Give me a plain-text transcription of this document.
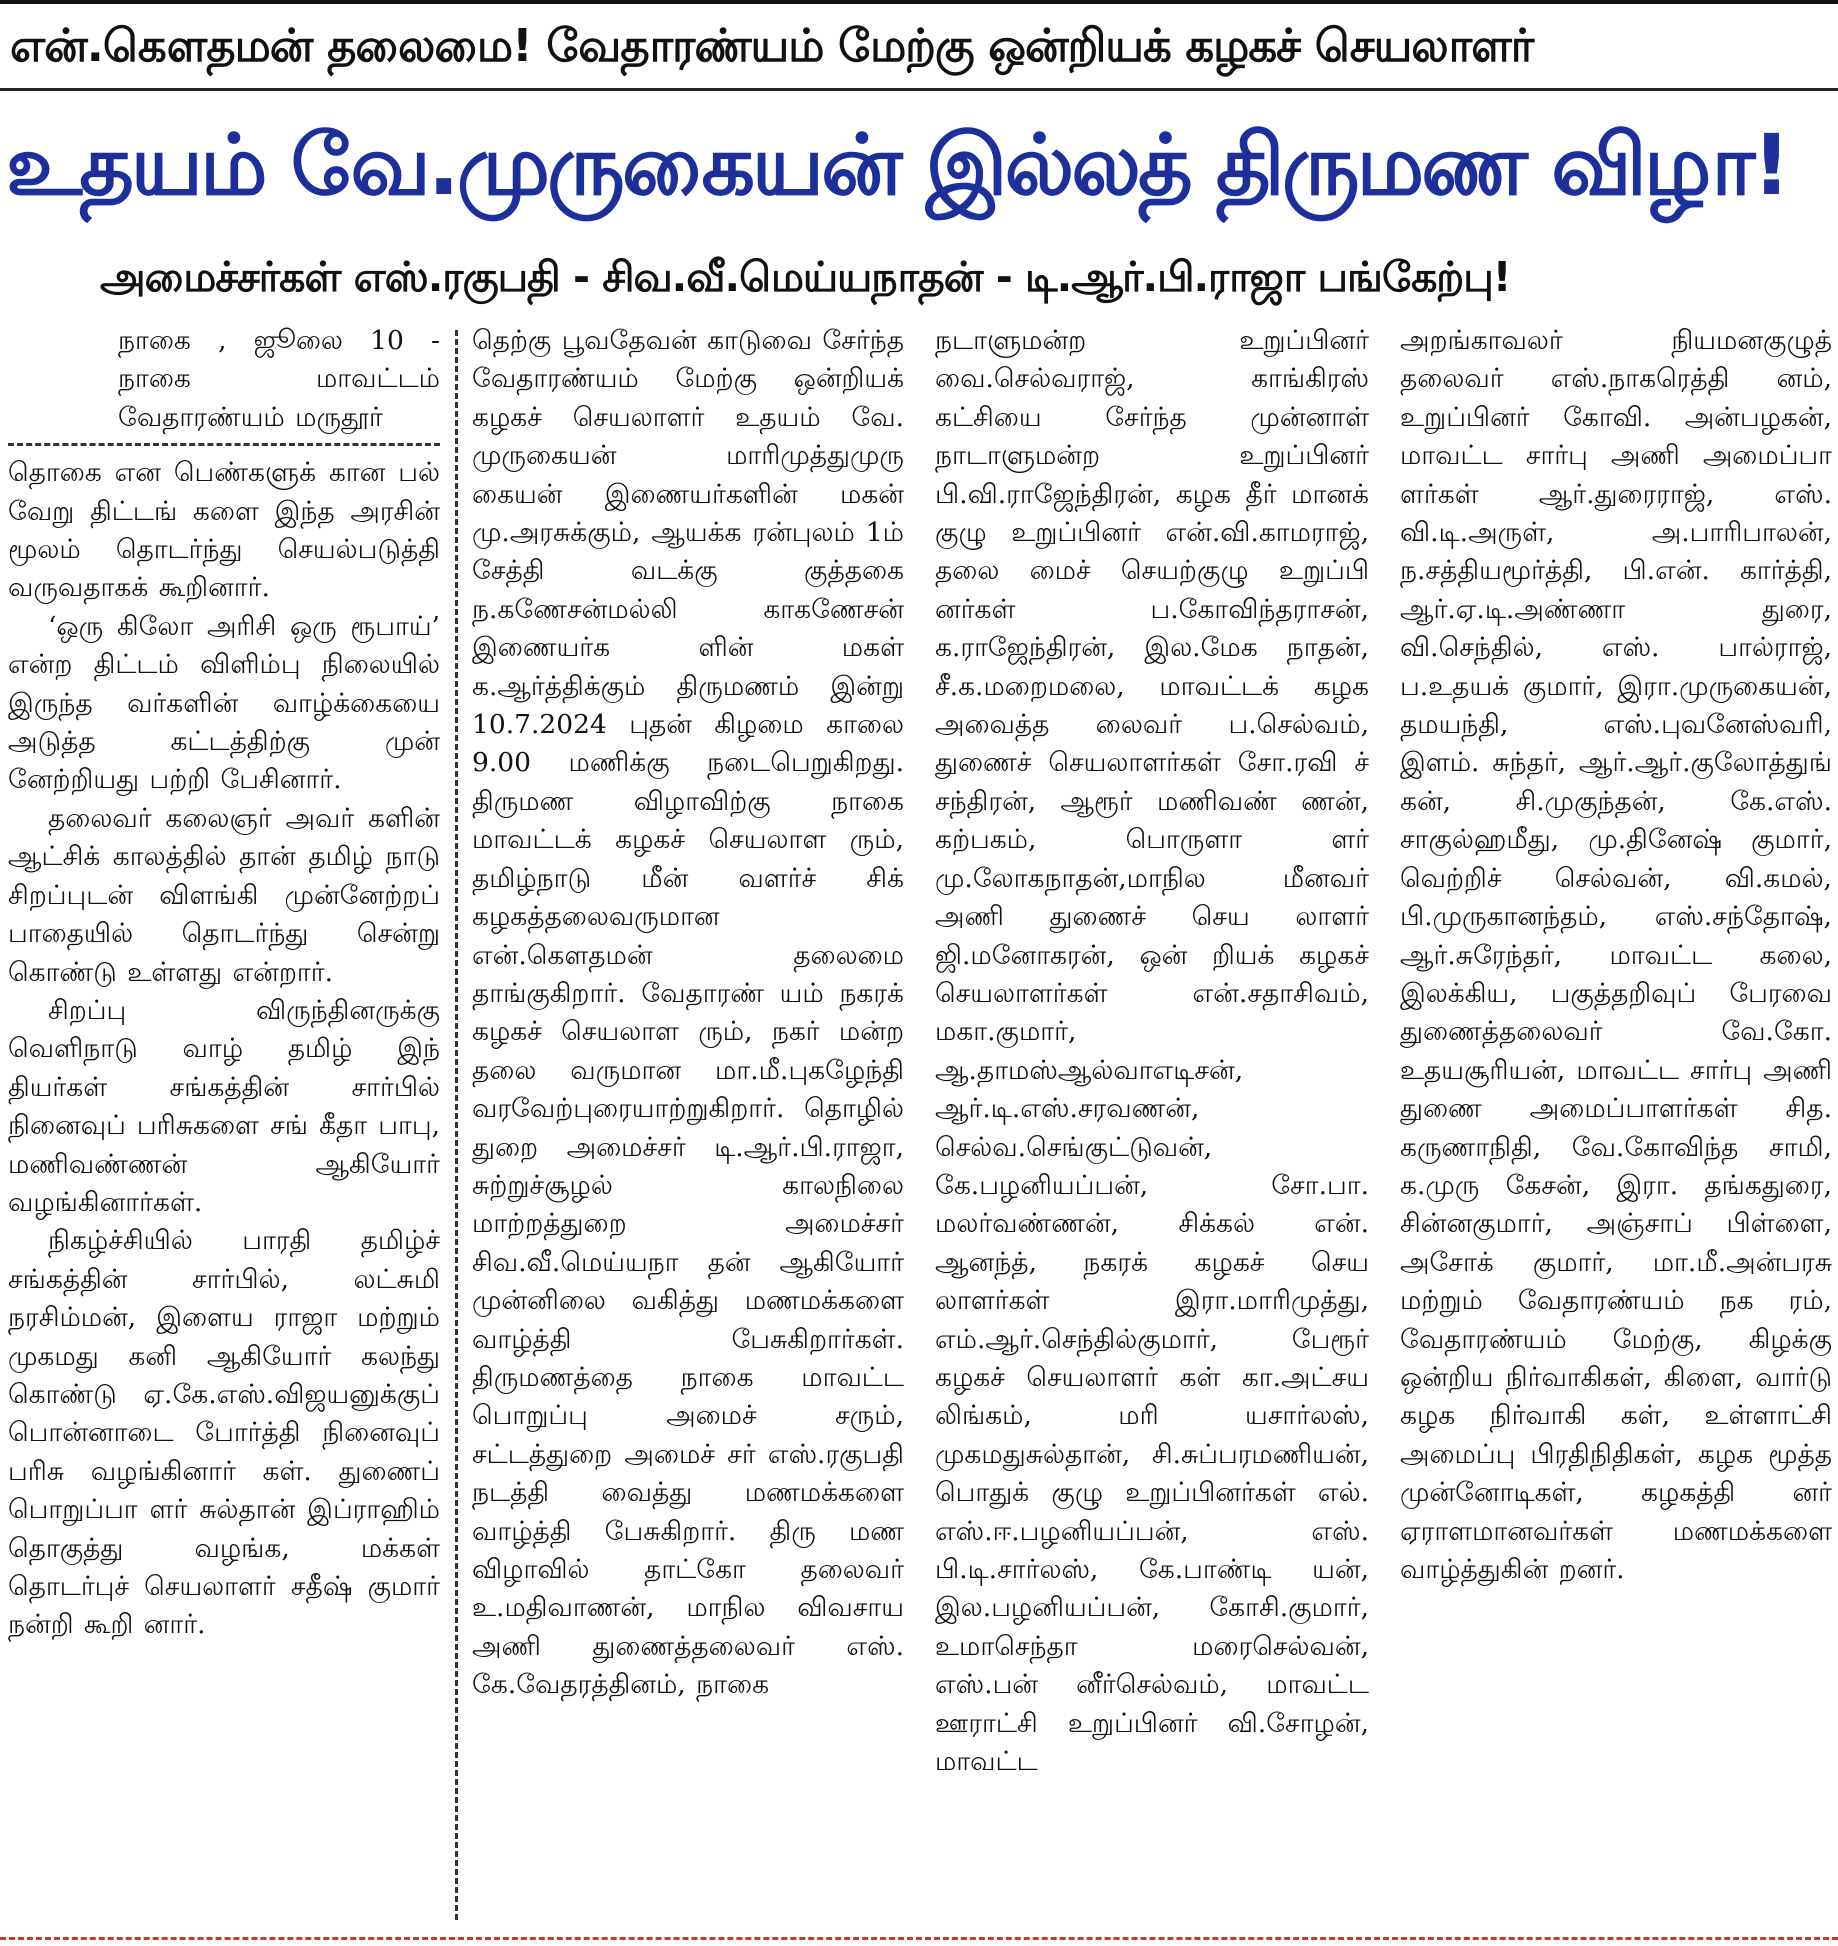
என்.கௌதமன் தலைமை! வேதாரண்யம் மேற்கு ஒன்றியக் கழகச் செயலாளர்
உதயம் வே.முருகையன் இல்லத் திருமண விழா!
அமைச்சர்கள் எஸ்.ரகுபதி - சிவ.வீ.மெய்யநாதன் - டி.ஆர்.பி.ராஜா பங்கேற்பு!

நாகை , ஜூலை 10 - நாகை மாவட்டம் வேதாரண்யம் மருதூர்

தொகை என பெண்களுக் கான பல் வேறு திட்டங் களை இந்த அரசின் மூலம் தொடர்ந்து செயல்படுத்தி வருவதாகக் கூறினார்.

‘ஒரு கிலோ அரிசி ஒரு ரூபாய்’ என்ற திட்டம் விளிம்பு நிலையில் இருந்த வர்களின் வாழ்க்கையை அடுத்த கட்டத்திற்கு முன் னேற்றியது பற்றி பேசினார்.

தலைவர் கலைஞர் அவர் களின் ஆட்சிக் காலத்தில் தான் தமிழ் நாடு சிறப்புடன் விளங்கி முன்னேற்றப் பாதையில் தொடர்ந்து சென்று கொண்டு உள்ளது என்றார்.

சிறப்பு விருந்தினருக்கு வெளிநாடு வாழ் தமிழ் இந் தியர்கள் சங்கத்தின் சார்பில் நினைவுப் பரிசுகளை சங் கீதா பாபு, மணிவண்ணன் ஆகியோர் வழங்கினார்கள்.

நிகழ்ச்சியில் பாரதி தமிழ்ச் சங்கத்தின் சார்பில், லட்சுமி நரசிம்மன், இளைய ராஜா மற்றும் முகமது கனி ஆகியோர் கலந்து கொண்டு ஏ.கே.எஸ்.விஜயனுக்குப் பொன்னாடை போர்த்தி நினைவுப் பரிசு வழங்கினார் கள். துணைப் பொறுப்பா ளர் சுல்தான் இப்ராஹிம் தொகுத்து வழங்க, மக்கள் தொடர்புச் செயலாளர் சதீஷ் குமார் நன்றி கூறி னார்.

தெற்கு பூவதேவன் காடுவை சேர்ந்த வேதாரண்யம் மேற்கு ஒன்றியக் கழகச் செயலாளர் உதயம் வே. முருகையன் மாரிமுத்துமுரு கையன் இணையர்களின் மகன் மு.அரசுக்கும், ஆயக்க ரன்புலம் 1ம் சேத்தி வடக்கு குத்தகை ந.கணேசன்மல்லி காகணேசன் இணையர்க ளின் மகள் க.ஆர்த்திக்கும் திருமணம் இன்று 10.7.2024 புதன் கிழமை காலை 9.00 மணிக்கு நடைபெறுகிறது. திருமண விழாவிற்கு நாகை மாவட்டக் கழகச் செயலாள ரும், தமிழ்நாடு மீன் வளர்ச் சிக் கழகத்தலைவருமான என்.கௌதமன் தலைமை தாங்குகிறார். வேதாரண் யம் நகரக் கழகச் செயலாள ரும், நகர் மன்ற தலை வருமான மா.மீ.புகழேந்தி வரவேற்புரையாற்றுகிறார். தொழில் துறை அமைச்சர் டி.ஆர்.பி.ராஜா, சுற்றுச்சூழல் காலநிலை மாற்றத்துறை அமைச்சர் சிவ.வீ.மெய்யநா தன் ஆகியோர் முன்னிலை வகித்து மணமக்களை வாழ்த்தி பேசுகிறார்கள். திருமணத்தை நாகை மாவட்ட பொறுப்பு அமைச் சரும், சட்டத்துறை அமைச் சர் எஸ்.ரகுபதி நடத்தி வைத்து மணமக்களை வாழ்த்தி பேசுகிறார். திரு மண விழாவில் தாட்கோ தலைவர் உ.மதிவாணன், மாநில விவசாய அணி துணைத்தலைவர் எஸ். கே.வேதரத்தினம், நாகை

நடாளுமன்ற உறுப்பினர் வை.செல்வராஜ், காங்கிரஸ் கட்சியை சேர்ந்த முன்னாள் நாடாளுமன்ற உறுப்பினர் பி.வி.ராஜேந்திரன், கழக தீர் மானக் குழு உறுப்பினர் என்.வி.காமராஜ், தலை மைச் செயற்குழு உறுப்பி னர்கள் ப.கோவிந்தராசன், க.ராஜேந்திரன், இல.மேக நாதன், சீ.க.மறைமலை, மாவட்டக் கழக அவைத்த லைவர் ப.செல்வம், துணைச் செயலாளர்கள் சோ.ரவி ச் சந்திரன், ஆரூர் மணிவண் ணன், கற்பகம், பொருளா ளர் மு.லோகநாதன்,மாநில மீனவர் அணி துணைச் செய லாளர் ஜி.மனோகரன், ஒன் றியக் கழகச் செயலாளர்கள் என்.சதாசிவம், மகா.குமார், ஆ.தாமஸ்ஆல்வாஎடிசன், ஆர்.டி.எஸ்.சரவணன், செல்வ.செங்குட்டுவன், கே.பழனியப்பன், சோ.பா. மலர்வண்ணன், சிக்கல் என். ஆனந்த், நகரக் கழகச் செய லாளர்கள் இரா.மாரிமுத்து, எம்.ஆர்.செந்தில்குமார், பேரூர் கழகச் செயலாளர் கள் கா.அட்சய லிங்கம், மரி யசார்லஸ், முகமதுசுல்தான், சி.சுப்பரமணியன், பொதுக் குழு உறுப்பினர்கள் எல். எஸ்.ஈ.பழனியப்பன், எஸ். பி.டி.சார்லஸ், கே.பாண்டி யன், இல.பழனியப்பன், கோசி.குமார், உமாசெந்தா மரைசெல்வன், எஸ்.பன் னீர்செல்வம், மாவட்ட ஊராட்சி உறுப்பினர் வி.சோழன், மாவட்ட

அறங்காவலர் நியமனகுழுத் தலைவர் எஸ்.நாகரெத்தி னம், உறுப்பினர் கோவி. அன்பழகன், மாவட்ட சார்பு அணி அமைப்பா ளர்கள் ஆர்.துரைராஜ், எஸ். வி.டி.அருள், அ.பாரிபாலன், ந.சத்தியமூர்த்தி, பி.என். கார்த்தி, ஆர்.ஏ.டி.அண்ணா துரை, வி.செந்தில், எஸ். பால்ராஜ், ப.உதயக் குமார், இரா.முருகையன், தமயந்தி, எஸ்.புவனேஸ்வரி, இளம். சுந்தர், ஆர்.ஆர்.குலோத்துங் கன், சி.முகுந்தன், கே.எஸ். சாகுல்ஹமீது, மு.தினேஷ் குமார், வெற்றிச் செல்வன், வி.கமல், பி.முருகானந்தம், எஸ்.சந்தோஷ், ஆர்.சுரேந்தர், மாவட்ட கலை, இலக்கிய, பகுத்தறிவுப் பேரவை துணைத்தலைவர் வே.கோ. உதயசூரியன், மாவட்ட சார்பு அணி துணை அமைப்பாளர்கள் சித. கருணாநிதி, வே.கோவிந்த சாமி, க.முரு கேசன், இரா. தங்கதுரை, சின்னகுமார், அஞ்சாப் பிள்ளை, அசோக் குமார், மா.மீ.அன்பரசு மற்றும் வேதாரண்யம் நக ரம், வேதாரண்யம் மேற்கு, கிழக்கு ஒன்றிய நிர்வாகிகள், கிளை, வார்டு கழக நிர்வாகி கள், உள்ளாட்சி அமைப்பு பிரதிநிதிகள், கழக மூத்த முன்னோடிகள், கழகத்தி னர் ஏராளமானவர்கள் மணமக்களை வாழ்த்துகின் றனர்.
